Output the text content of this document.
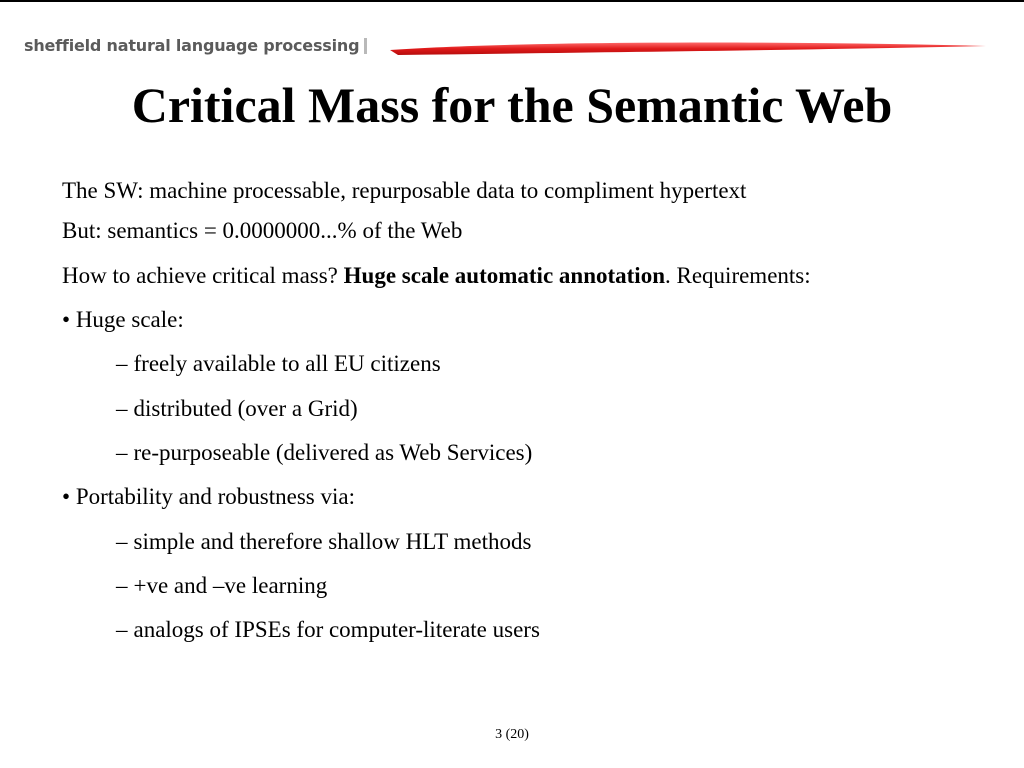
sheffield natural language processing
Critical Mass for the Semantic Web
The SW: machine processable, repurposable data to compliment hypertext
But: semantics = 0.0000000...% of the Web
How to achieve critical mass? Huge scale automatic annotation. Requirements:
• Huge scale:
– freely available to all EU citizens
– distributed (over a Grid)
– re-purposeable (delivered as Web Services)
• Portability and robustness via:
– simple and therefore shallow HLT methods
– +ve and –ve learning
– analogs of IPSEs for computer-literate users
3 (20)
